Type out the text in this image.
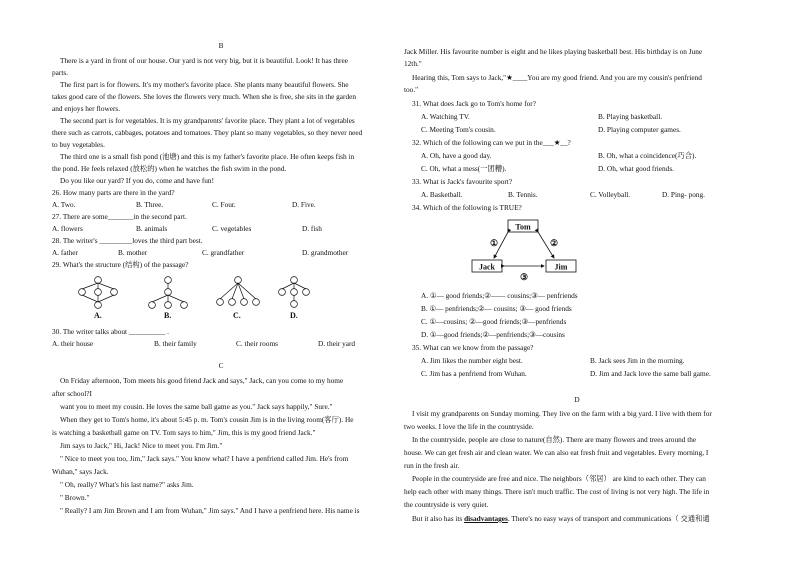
B
There is a yard in front of our house. Our yard is not very big, but it is beautiful. Look! It has three
parts.
The first part is for flowers. It's my mother's favorite place. She plants many beautiful flowers. She
takes good care of the flowers. She loves the flowers very much. When she is free, she sits in the garden
and enjoys her flowers.
The second part is for vegetables. It is my grandparents' favorite place. They plant a lot of vegetables
there such as carrots, cabbages, potatoes and tomatoes. They plant so many vegetables, so they never need
to buy vegetables.
The third one is a small fish pond (池塘) and this is my father's favorite place. He often keeps fish in
the pond. He feels relaxed (放松的) when he watches the fish swim in the pond.
Do you like our yard? If you do, come and have fun!
26. How many parts are there in the yard?
A. Two.	B. Three.	C. Four.	D. Five.
27. There are some_______in the second part.
A. flowers	B. animals	C. vegetables	D. fish
28. The writer's _________loves the third part best.
A. father	B. mother	C. grandfather	D. grandmother
29. What's the structure (结构) of the passage?
A.	B.	C.	D.
30. The writer talks about __________ .
A. their house	B. their family	C. their rooms	D. their yard
C
On Friday afternoon, Tom meets his good friend Jack and says," Jack, can you come to my home
after school?I
want you to meet my cousin. He loves the same ball game as you." Jack says happily," Sure."
When they get to Tom's home, it's about 5:45 p. m. Tom's cousin Jim is in the living room(客厅). He
is watching a basketball game on TV. Tom says to him," Jim, this is my good friend Jack."
Jim says to Jack," Hi, Jack! Nice to meet you. I'm Jim."
" Nice to meet you too, Jim," Jack says." You know what? I have a penfriend called Jim. He's from
Wuhan," says Jack.
" Oh, really? What's his last name?" asks Jim.
" Brown."
" Really? I am Jim Brown and I am from Wuhan," Jim says." And I have a penfriend here. His name is
Jack Miller. His favourite number is eight and he likes playing basketball best. His birthday is on June
12th."
Hearing this, Tom says to Jack,"★____You are my good friend. And you are my cousin's penfriend
too."
31. What does Jack go to Tom's home for?
A. Watching TV.	B. Playing basketball.
C. Meeting Tom's cousin.	D. Playing computer games.
32. Which of the following can we put in the___★__?
A. Oh, have a good day.	B. Oh, what a coincidence(巧合).
C. Oh, what a mess(一团糟).	D. Oh, what good friends.
33. What is Jack's favourite sport?
A. Basketball.	B. Tennis.	C. Volleyball.	D. Ping- pong.
34. Which of the following is TRUE?
Tom
Jack	Jim
①	②
③
A. ①— good friends;②—— cousins;③— penfriends
B. ①— penfriends;②— cousins; ③— good friends
C. ①—cousins; ②—good friends;③—penfriends
D. ①—good friends;②—penfriends;③—cousins
35. What can we know from the passage?
A. Jim likes the number eight best.	B. Jack sees Jim in the morning.
C. Jim has a penfriend from Wuhan.	D. Jim and Jack love the same ball game.
D
I visit my grandparents on Sunday morning. They live on the farm with a big yard. I live with them for
two weeks. I love the life in the countryside.
In the countryside, people are close to nature(自然). There are many flowers and trees around the
house. We can get fresh air and clean water. We can also eat fresh fruit and vegetables. Every morning, I
run in the fresh air.
People in the countryside are free and nice. The neighbors（邻居） are kind to each other. They can
help each other with many things. There isn't much traffic. The cost of living is not very high. The life in
the countryside is very quiet.
But it also has its disadvantages. There's no easy ways of transport and communications（ 交通和通
